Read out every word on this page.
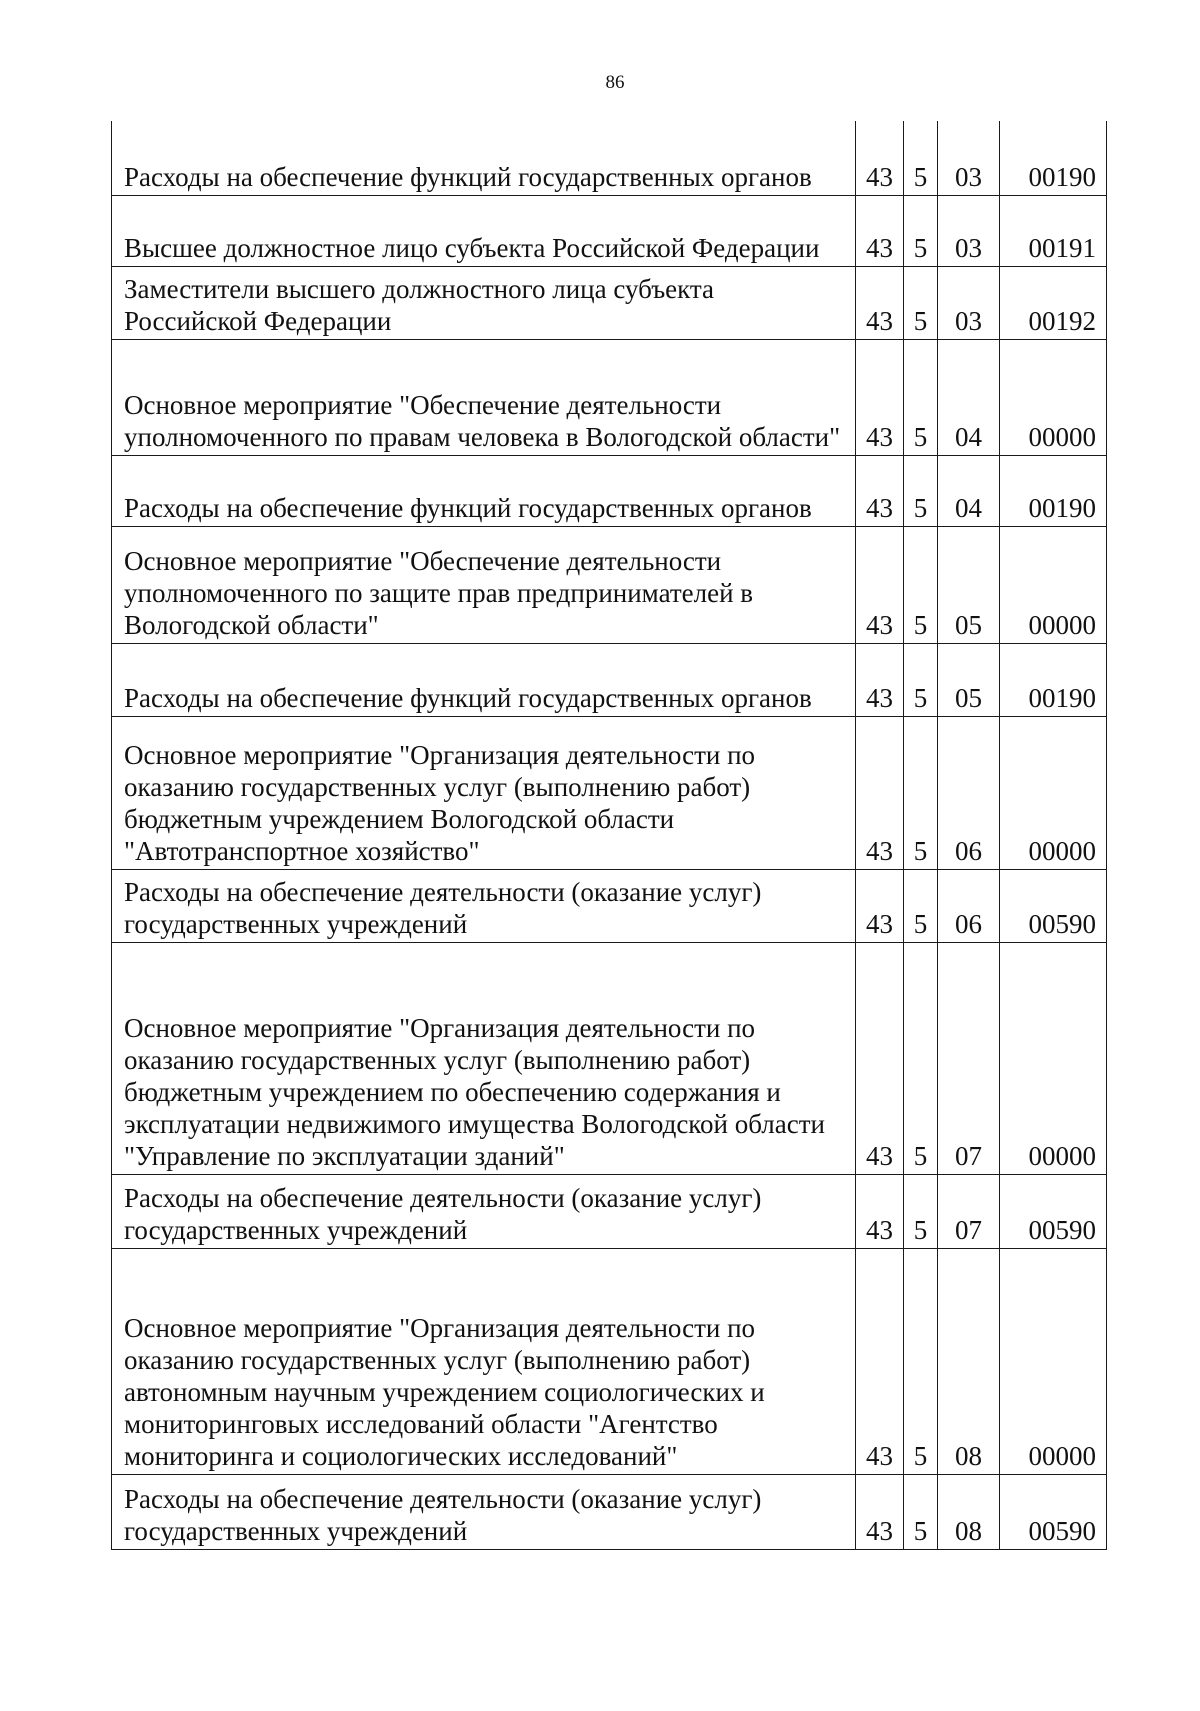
86
Расходы на обеспечение функций государственных органов	43	5	03	00190
Высшее должностное лицо субъекта Российской Федерации	43	5	03	00191
Заместители высшего должностного лица субъекта Российской Федерации	43	5	03	00192
Основное мероприятие "Обеспечение деятельности уполномоченного по правам человека в Вологодской области"	43	5	04	00000
Расходы на обеспечение функций государственных органов	43	5	04	00190
Основное мероприятие "Обеспечение деятельности уполномоченного по защите прав предпринимателей в Вологодской области"	43	5	05	00000
Расходы на обеспечение функций государственных органов	43	5	05	00190
Основное мероприятие "Организация деятельности по оказанию государственных услуг (выполнению работ) бюджетным учреждением Вологодской области "Автотранспортное хозяйство"	43	5	06	00000
Расходы на обеспечение деятельности (оказание услуг) государственных учреждений	43	5	06	00590
Основное мероприятие "Организация деятельности по оказанию государственных услуг (выполнению работ) бюджетным учреждением по обеспечению содержания и эксплуатации недвижимого имущества Вологодской области "Управление по эксплуатации зданий"	43	5	07	00000
Расходы на обеспечение деятельности (оказание услуг) государственных учреждений	43	5	07	00590
Основное мероприятие "Организация деятельности по оказанию государственных услуг (выполнению работ) автономным научным учреждением социологических и мониторинговых исследований области "Агентство мониторинга и социологических исследований"	43	5	08	00000
Расходы на обеспечение деятельности (оказание услуг) государственных учреждений	43	5	08	00590
